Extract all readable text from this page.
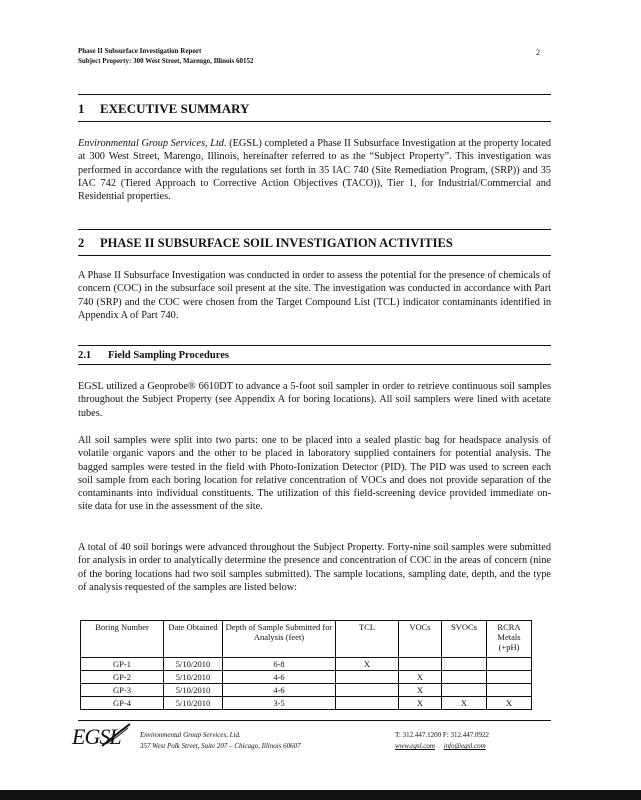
Phase II Subsurface Investigation Report
Subject Property: 300 West Street, Marengo, Illinois 60152
2
1 EXECUTIVE SUMMARY
Environmental Group Services, Ltd. (EGSL) completed a Phase II Subsurface Investigation at the property located at 300 West Street, Marengo, Illinois, hereinafter referred to as the “Subject Property”. This investigation was performed in accordance with the regulations set forth in 35 IAC 740 (Site Remediation Program, (SRP)) and 35 IAC 742 (Tiered Approach to Corrective Action Objectives (TACO)), Tier 1, for Industrial/Commercial and Residential properties.
2 PHASE II SUBSURFACE SOIL INVESTIGATION ACTIVITIES
A Phase II Subsurface Investigation was conducted in order to assess the potential for the presence of chemicals of concern (COC) in the subsurface soil present at the site. The investigation was conducted in accordance with Part 740 (SRP) and the COC were chosen from the Target Compound List (TCL) indicator contaminants identified in Appendix A of Part 740.
2.1 Field Sampling Procedures
EGSL utilized a Geoprobe® 6610DT to advance a 5-foot soil sampler in order to retrieve continuous soil samples throughout the Subject Property (see Appendix A for boring locations). All soil samplers were lined with acetate tubes.
All soil samples were split into two parts: one to be placed into a sealed plastic bag for headspace analysis of volatile organic vapors and the other to be placed in laboratory supplied containers for potential analysis. The bagged samples were tested in the field with Photo-Ionization Detector (PID). The PID was used to screen each soil sample from each boring location for relative concentration of VOCs and does not provide separation of the contaminants into individual constituents. The utilization of this field-screening device provided immediate on-site data for use in the assessment of the site.
A total of 40 soil borings were advanced throughout the Subject Property. Forty-nine soil samples were submitted for analysis in order to analytically determine the presence and concentration of COC in the areas of concern (nine of the boring locations had two soil samples submitted). The sample locations, sampling date, depth, and the type of analysis requested of the samples are listed below:
Boring Number	Date Obtained	Depth of Sample Submitted for Analysis (feet)	TCL	VOCs	SVOCs	RCRA Metals (+pH)
GP-1	5/10/2010	6-8	X			
GP-2	5/10/2010	4-6		X		
GP-3	5/10/2010	4-6		X		
GP-4	5/10/2010	3-5		X	X	X
EGSL	Environmental Group Services, Ltd.
357 West Polk Street, Suite 207 – Chicago, Illinois 60607
T: 312.447.1200 F: 312.447.0922
www.egsl.com info@egsl.com
